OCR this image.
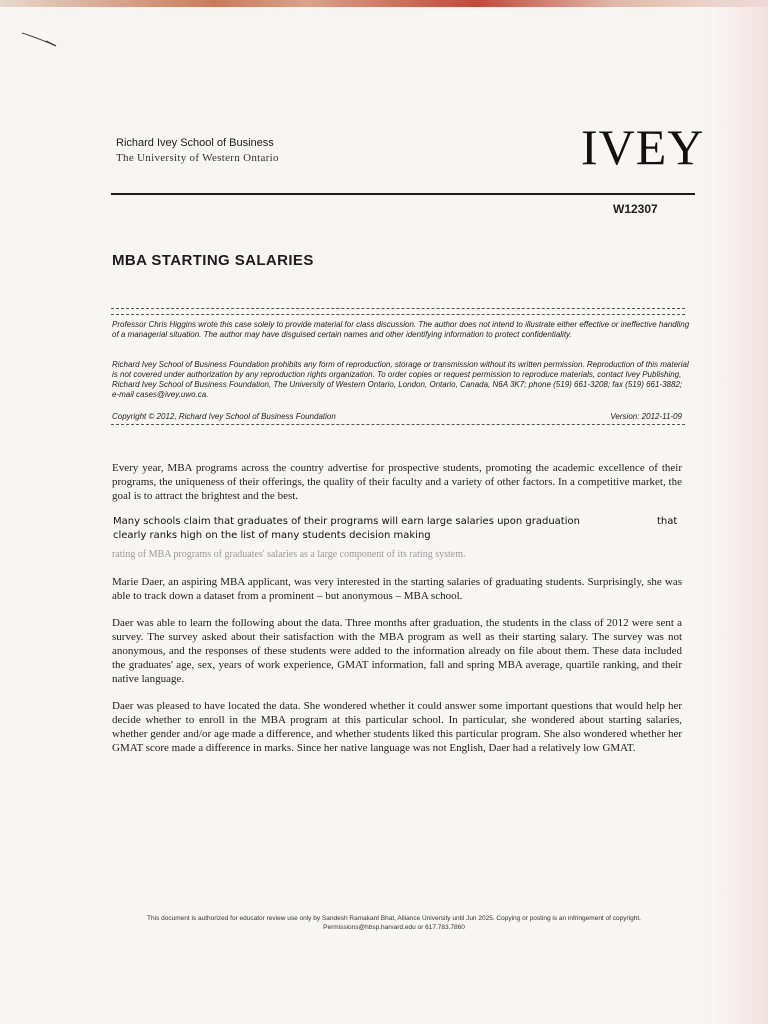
Richard Ivey School of Business
The University of Western Ontario	IVEY
W12307
MBA STARTING SALARIES
Professor Chris Higgins wrote this case solely to provide material for class discussion. The author does not intend to illustrate either effective or ineffective handling of a managerial situation. The author may have disguised certain names and other identifying information to protect confidentiality.
Richard Ivey School of Business Foundation prohibits any form of reproduction, storage or transmission without its written permission. Reproduction of this material is not covered under authorization by any reproduction rights organization. To order copies or request permission to reproduce materials, contact Ivey Publishing, Richard Ivey School of Business Foundation, The University of Western Ontario, London, Ontario, Canada, N6A 3K7; phone (519) 661-3208; fax (519) 661-3882; e-mail cases@ivey.uwo.ca.
Copyright © 2012, Richard Ivey School of Business Foundation	Version: 2012-11-09
Every year, MBA programs across the country advertise for prospective students, promoting the academic excellence of their programs, the uniqueness of their offerings, the quality of their faculty and a variety of other factors. In a competitive market, the goal is to attract the brightest and the best.
Many schools claim that graduates of their programs will earn large salaries upon graduation	that
clearly ranks high on the list of many students decision making
rating of MBA programs of graduates' salaries as a large component of its rating system.
Marie Daer, an aspiring MBA applicant, was very interested in the starting salaries of graduating students. Surprisingly, she was able to track down a dataset from a prominent – but anonymous – MBA school.
Daer was able to learn the following about the data. Three months after graduation, the students in the class of 2012 were sent a survey. The survey asked about their satisfaction with the MBA program as well as their starting salary. The survey was not anonymous, and the responses of these students were added to the information already on file about them. These data included the graduates' age, sex, years of work experience, GMAT information, fall and spring MBA average, quartile ranking, and their native language.
Daer was pleased to have located the data. She wondered whether it could answer some important questions that would help her decide whether to enroll in the MBA program at this particular school. In particular, she wondered about starting salaries, whether gender and/or age made a difference, and whether students liked this particular program. She also wondered whether her GMAT score made a difference in marks. Since her native language was not English, Daer had a relatively low GMAT.
This document is authorized for educator review use only by Sandesh Ramakant Bhat, Alliance University until Jun 2025. Copying or posting is an infringement of copyright.
Permissions@hbsp.harvard.edu or 617.783.7860
